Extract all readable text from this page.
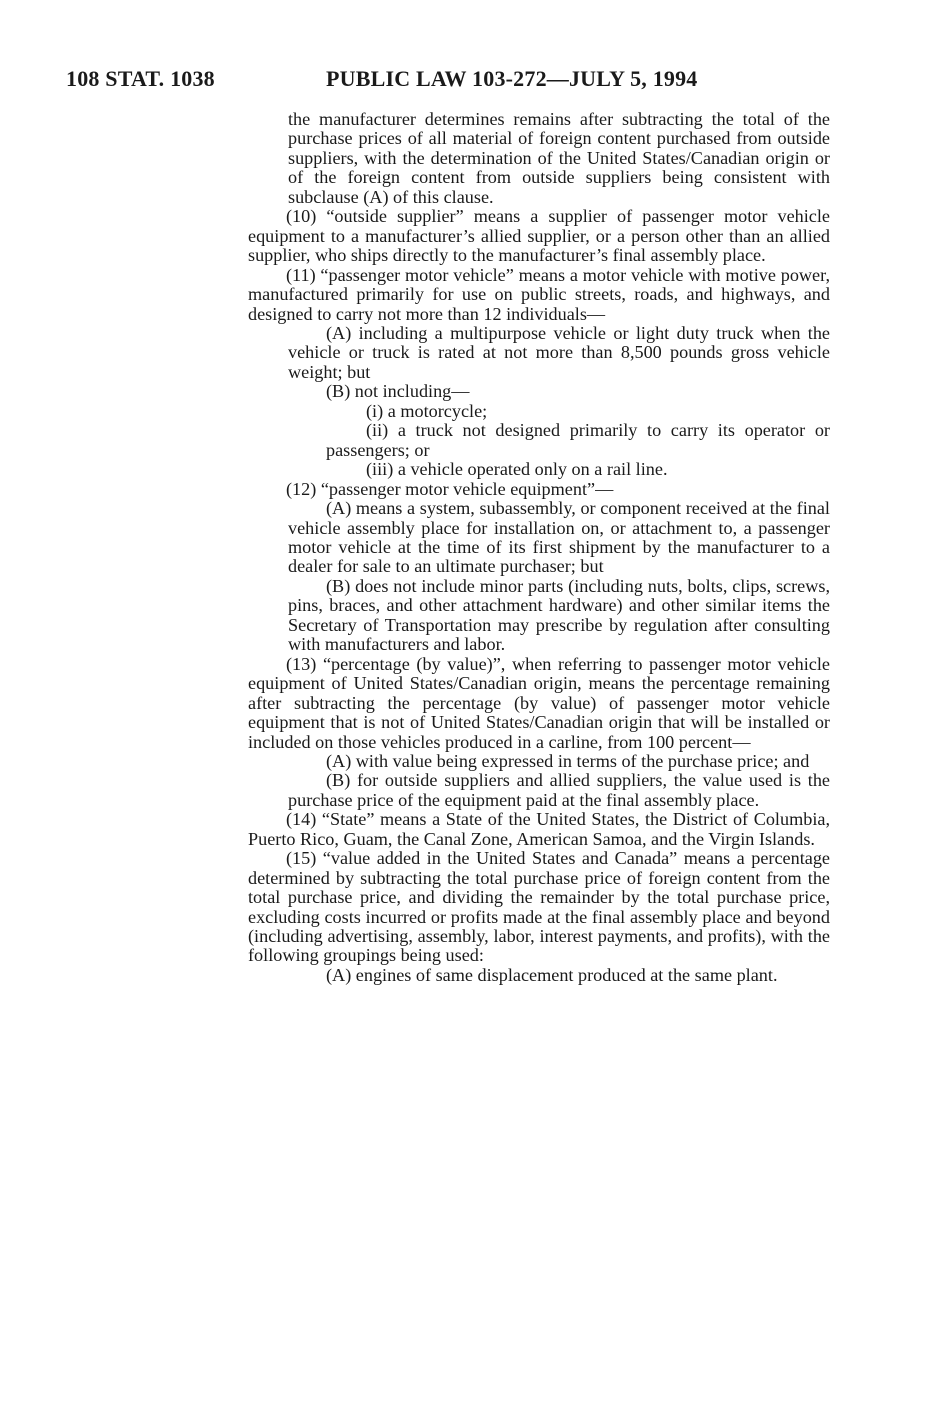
108 STAT. 1038	PUBLIC LAW 103-272—JULY 5, 1994

the manufacturer determines remains after subtracting the total of the purchase prices of all material of foreign content purchased from outside suppliers, with the determination of the United States/Canadian origin or of the foreign content from outside suppliers being consistent with subclause (A) of this clause.

(10) “outside supplier” means a supplier of passenger motor vehicle equipment to a manufacturer’s allied supplier, or a person other than an allied supplier, who ships directly to the manufacturer’s final assembly place.

(11) “passenger motor vehicle” means a motor vehicle with motive power, manufactured primarily for use on public streets, roads, and highways, and designed to carry not more than 12 individuals—

(A) including a multipurpose vehicle or light duty truck when the vehicle or truck is rated at not more than 8,500 pounds gross vehicle weight; but

(B) not including—

(i) a motorcycle;

(ii) a truck not designed primarily to carry its operator or passengers; or

(iii) a vehicle operated only on a rail line.

(12) “passenger motor vehicle equipment”—

(A) means a system, subassembly, or component received at the final vehicle assembly place for installation on, or attachment to, a passenger motor vehicle at the time of its first shipment by the manufacturer to a dealer for sale to an ultimate purchaser; but

(B) does not include minor parts (including nuts, bolts, clips, screws, pins, braces, and other attachment hardware) and other similar items the Secretary of Transportation may prescribe by regulation after consulting with manufacturers and labor.

(13) “percentage (by value)”, when referring to passenger motor vehicle equipment of United States/Canadian origin, means the percentage remaining after subtracting the percentage (by value) of passenger motor vehicle equipment that is not of United States/Canadian origin that will be installed or included on those vehicles produced in a carline, from 100 percent—

(A) with value being expressed in terms of the purchase price; and

(B) for outside suppliers and allied suppliers, the value used is the purchase price of the equipment paid at the final assembly place.

(14) “State” means a State of the United States, the District of Columbia, Puerto Rico, Guam, the Canal Zone, American Samoa, and the Virgin Islands.

(15) “value added in the United States and Canada” means a percentage determined by subtracting the total purchase price of foreign content from the total purchase price, and dividing the remainder by the total purchase price, excluding costs incurred or profits made at the final assembly place and beyond (including advertising, assembly, labor, interest payments, and profits), with the following groupings being used:

(A) engines of same displacement produced at the same plant.
